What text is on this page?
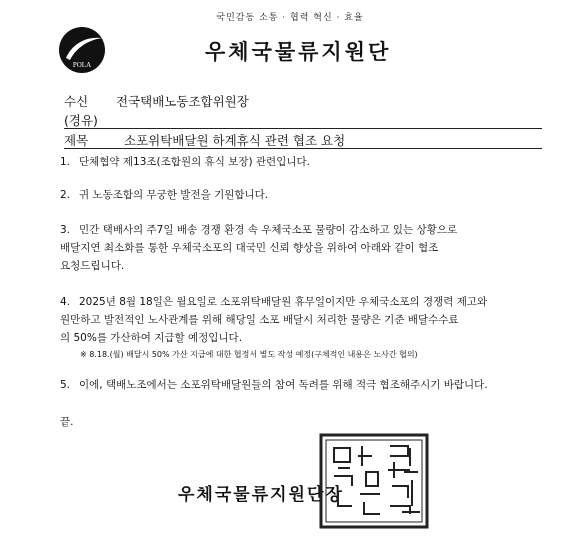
국민감동 소통 · 협력 혁신 · 효율
POLA
우체국물류지원단
수신 전국택배노동조합위원장
(경유)
제목	소포위탁배달원 하계휴식 관련 협조 요청
1. 단체협약 제13조(조합원의 휴식 보장) 관련입니다.
2. 귀 노동조합의 무궁한 발전을 기원합니다.
3. 민간 택배사의 주7일 배송 경쟁 환경 속 우체국소포 물량이 감소하고 있는 상황으로
배달지연 최소화를 통한 우체국소포의 대국민 신뢰 향상을 위하여 아래와 같이 협조
요청드립니다.
4. 2025년 8월 18일은 월요일로 소포위탁배달원 휴무일이지만 우체국소포의 경쟁력 제고와
원만하고 발전적인 노사관계를 위해 해당일 소포 배달시 처리한 물량은 기준 배달수수료
의 50%를 가산하여 지급할 예정입니다.
※ 8.18.(월) 배달시 50% 가산 지급에 대한 협정서 별도 작성 예정(구체적인 내용은 노사간 협의)
5. 이에, 택배노조에서는 소포위탁배달원들의 참여 독려를 위해 적극 협조해주시기 바랍니다.
끝.
우체국물류지원단장
